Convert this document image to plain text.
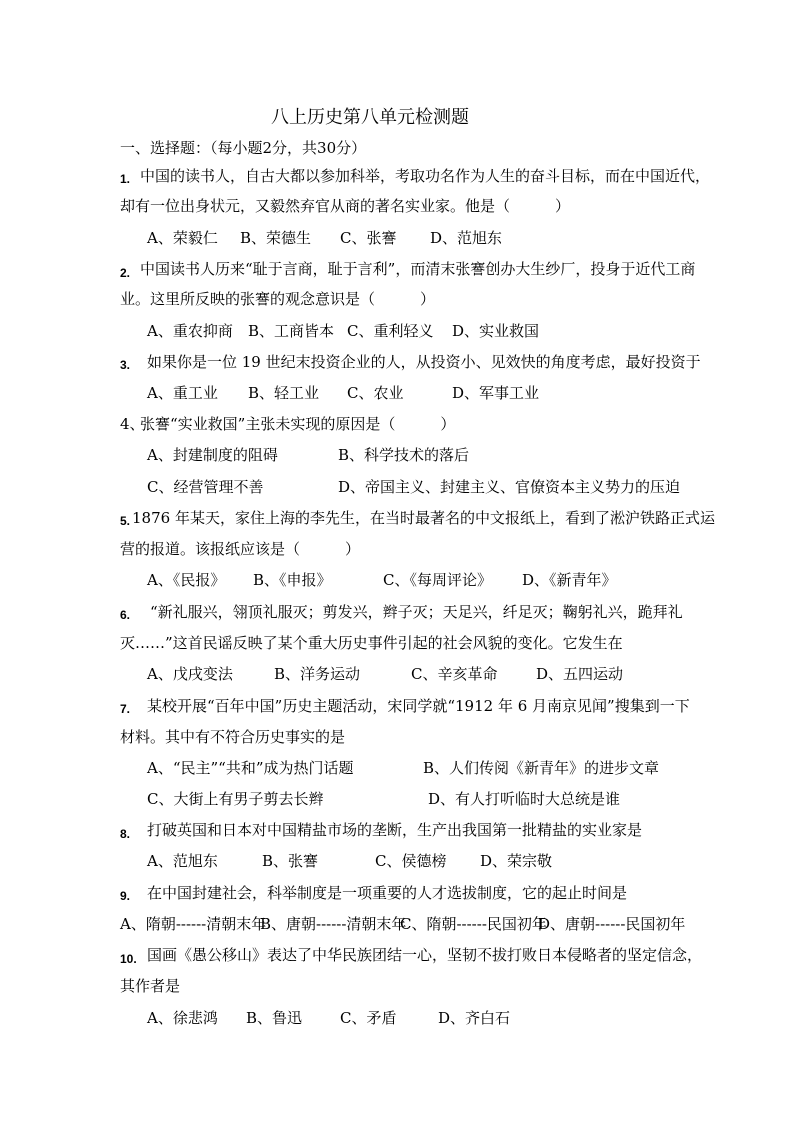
八上历史第八单元检测题
一、选择题：（每小题2分，共30分）
1. 中国的读书人，自古大都以参加科举，考取功名作为人生的奋斗目标，而在中国近代，
却有一位出身状元，又毅然弃官从商的著名实业家。他是（　　　）
A、荣毅仁 B、荣德生 C、张謇 D、范旭东
2. 中国读书人历来“耻于言商，耻于言利”，而清末张謇创办大生纱厂，投身于近代工商
业。这里所反映的张謇的观念意识是（　　　）
A、重农抑商 B、工商皆本 C、重利轻义 D、实业救国
3. 如果你是一位 19 世纪末投资企业的人，从投资小、见效快的角度考虑，最好投资于
A、重工业 B、轻工业 C、农业	D、军事工业
4、
张謇“实业救国”主张未实现的原因是（　　　）
A、封建制度的阻碍	B、科学技术的落后
C、经营管理不善	D、帝国主义、封建主义、官僚资本主义势力的压迫
5. 1876 年某天，家住上海的李先生，在当时最著名的中文报纸上，看到了淞沪铁路正式运
营的报道。该报纸应该是（　　　）
A、《民报》 B、《申报》	C、《每周评论》 D、《新青年》
6. “新礼服兴，翎顶礼服灭；剪发兴，辫子灭；天足兴，纤足灭；鞠躬礼兴，跪拜礼
灭……”这首民谣反映了某个重大历史事件引起的社会风貌的变化。它发生在
A、戊戌变法	B、洋务运动	C、辛亥革命	D、五四运动
7. 某校开展“百年中国”历史主题活动，宋同学就“1912 年 6 月南京见闻”搜集到一下
材料。其中有不符合历史事实的是
A、“民主”“共和”成为热门话题	B、人们传阅《新青年》的进步文章
C、大街上有男子剪去长辫	D、有人打听临时大总统是谁
8. 打破英国和日本对中国精盐市场的垄断，生产出我国第一批精盐的实业家是
A、范旭东	B、张謇	C、侯德榜 D、荣宗敬
9. 在中国封建社会，科举制度是一项重要的人才选拔制度，它的起止时间是
A、隋朝------清朝末年
B、唐朝------清朝末年
C、隋朝------民国初年
D、唐朝------民国初年
10. 国画《愚公移山》表达了中华民族团结一心，坚韧不拔打败日本侵略者的坚定信念，
其作者是
A、徐悲鸿 B、鲁迅	C、矛盾	D、齐白石
